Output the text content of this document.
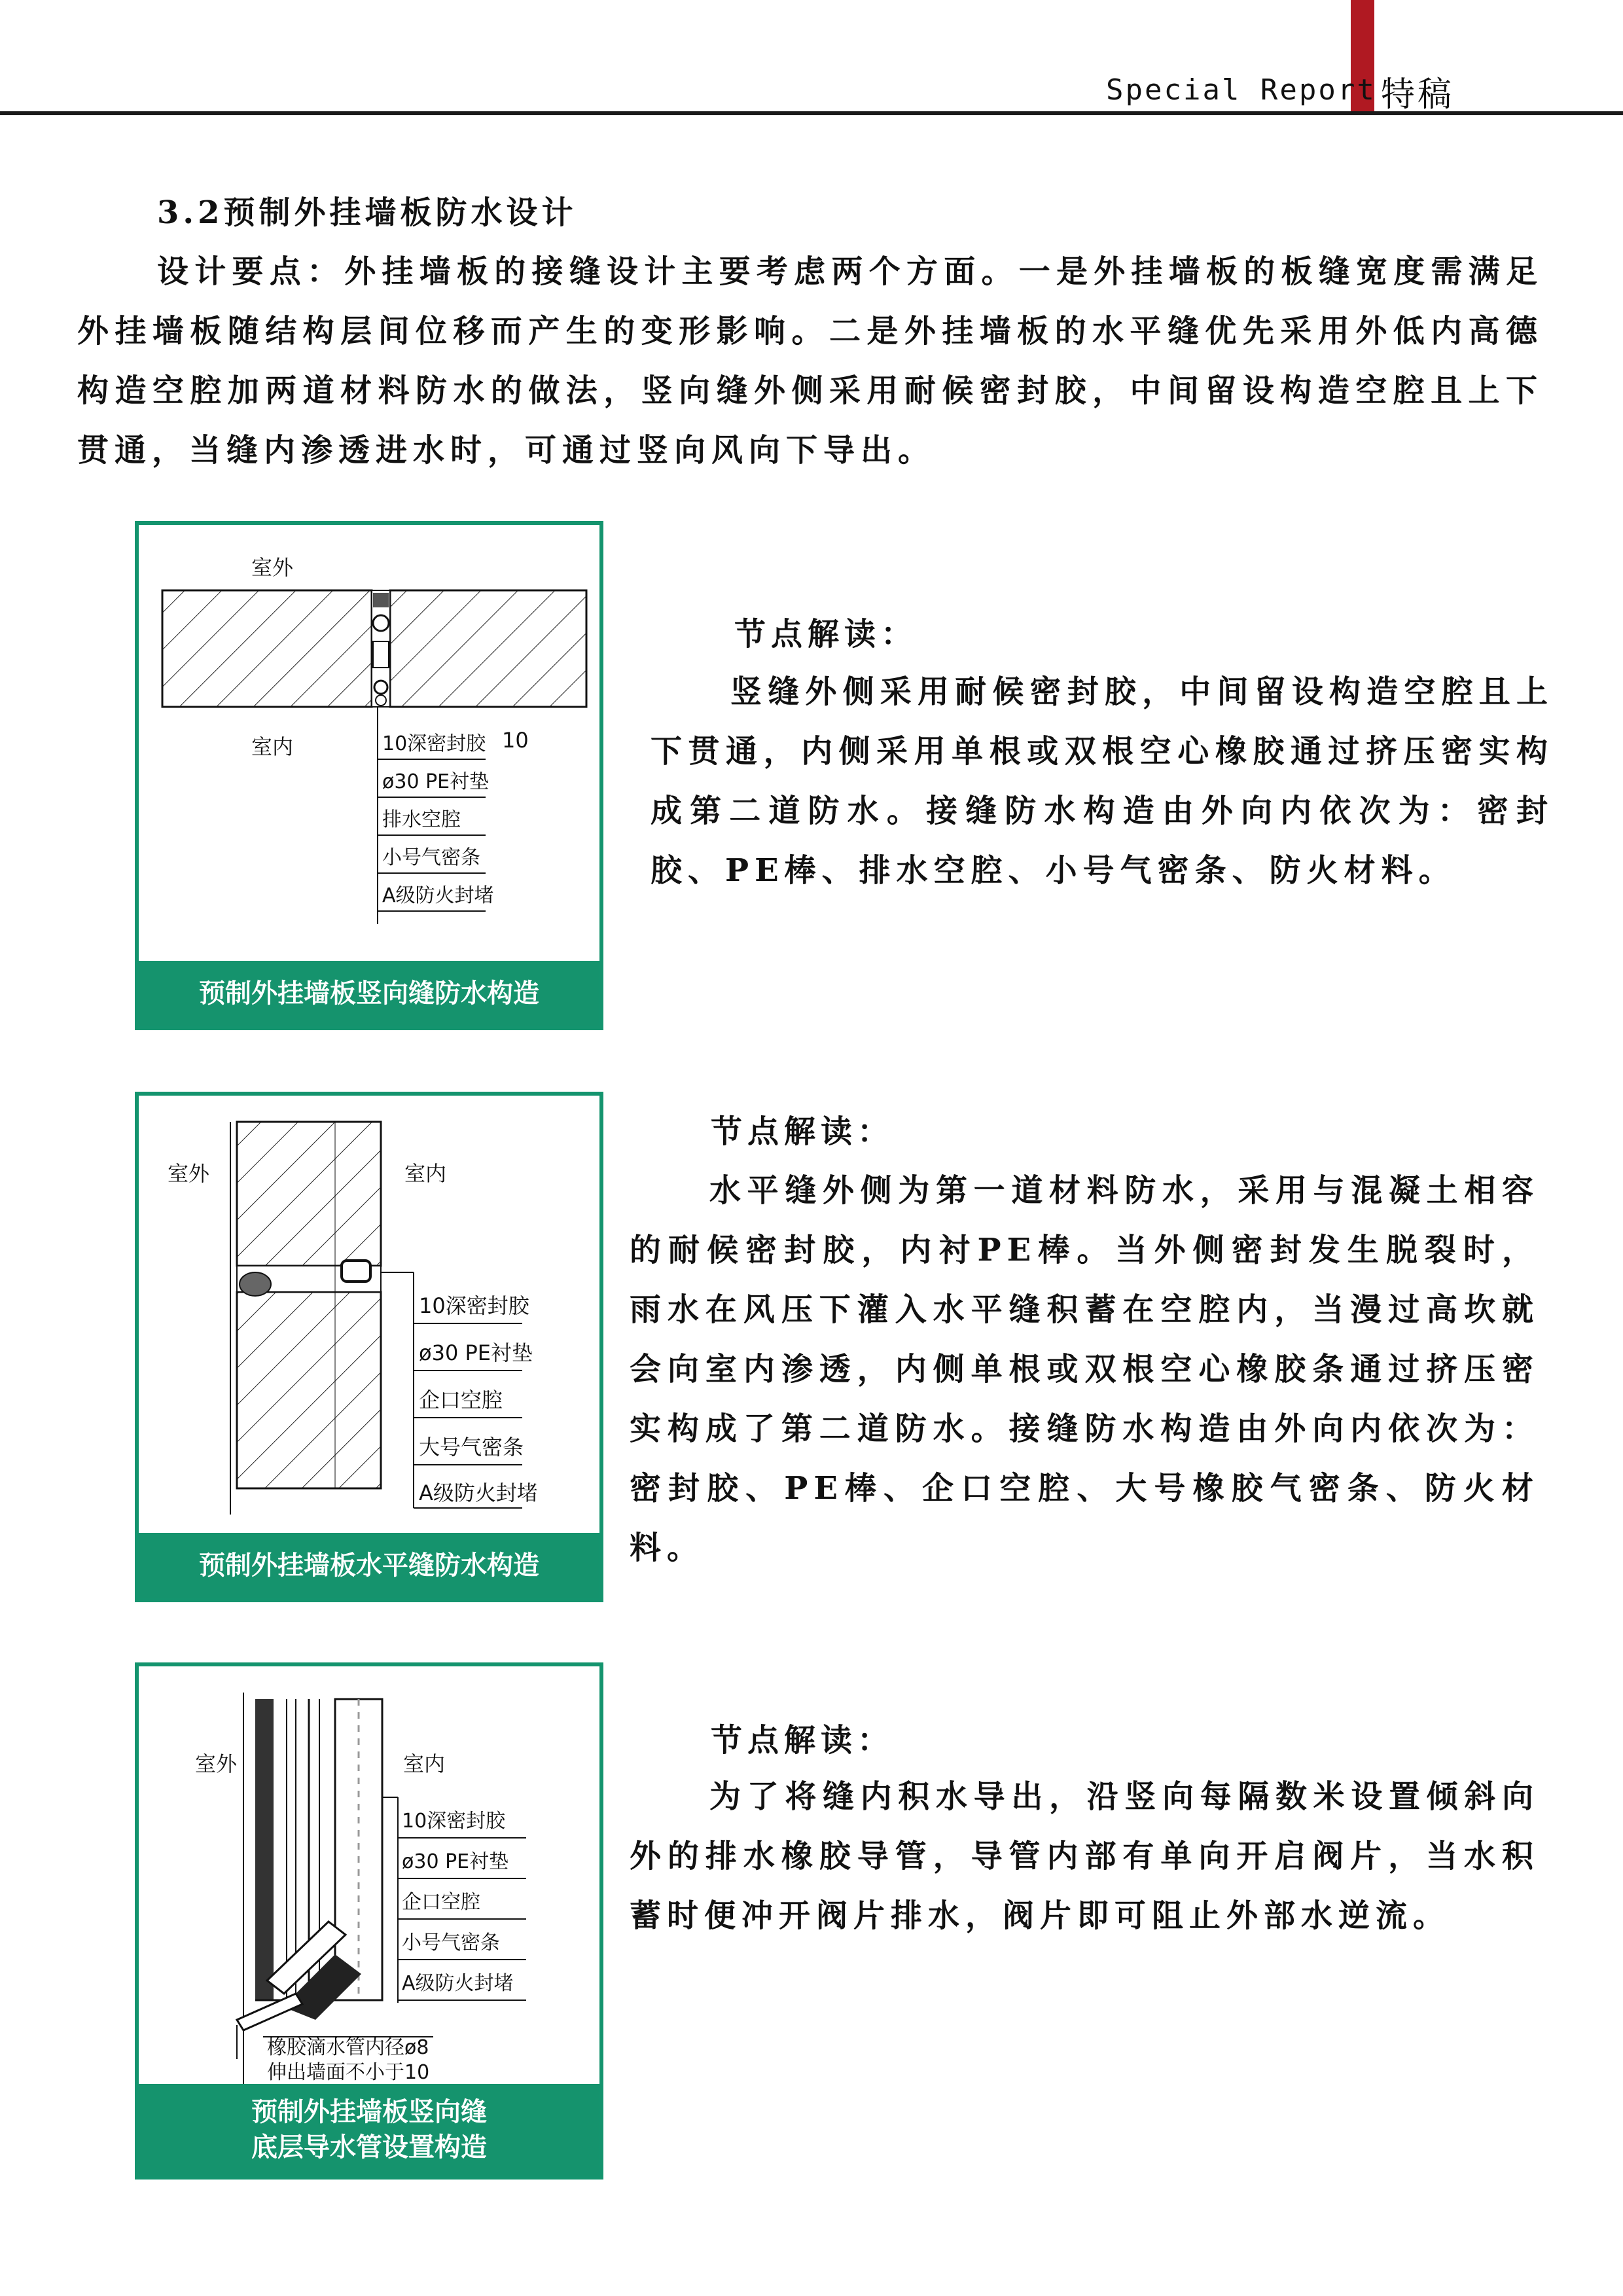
Special Report 特稿
3.2预制外挂墙板防水设计
设计要点：外挂墙板的接缝设计主要考虑两个方面。一是外挂墙板的板缝宽度需满足外挂墙板随结构层间位移而产生的变形影响。二是外挂墙板的水平缝优先采用外低内高德构造空腔加两道材料防水的做法，竖向缝外侧采用耐候密封胶，中间留设构造空腔且上下贯通，当缝内渗透进水时，可通过竖向风向下导出。
室外
室内	10
10深密封胶
ø30 PE衬垫
排水空腔
小号气密条
A级防火封堵
预制外挂墙板竖向缝防水构造
节点解读：
竖缝外侧采用耐候密封胶，中间留设构造空腔且上下贯通，内侧采用单根或双根空心橡胶通过挤压密实构成第二道防水。接缝防水构造由外向内依次为：密封胶、PE棒、排水空腔、小号气密条、防火材料。
室外	室内
10深密封胶
ø30 PE衬垫
企口空腔
大号气密条
A级防火封堵
预制外挂墙板水平缝防水构造
节点解读：
水平缝外侧为第一道材料防水，采用与混凝土相容的耐候密封胶，内衬PE棒。当外侧密封发生脱裂时，雨水在风压下灌入水平缝积蓄在空腔内，当漫过高坎就会向室内渗透，内侧单根或双根空心橡胶条通过挤压密实构成了第二道防水。接缝防水构造由外向内依次为：密封胶、PE棒、企口空腔、大号橡胶气密条、防火材料。
室外	室内
10深密封胶
ø30 PE衬垫
企口空腔
小号气密条
A级防火封堵
橡胶滴水管内径ø8
伸出墙面不小于10
预制外挂墙板竖向缝
底层导水管设置构造
节点解读：
为了将缝内积水导出，沿竖向每隔数米设置倾斜向外的排水橡胶导管，导管内部有单向开启阀片，当水积蓄时便冲开阀片排水，阀片即可阻止外部水逆流。
